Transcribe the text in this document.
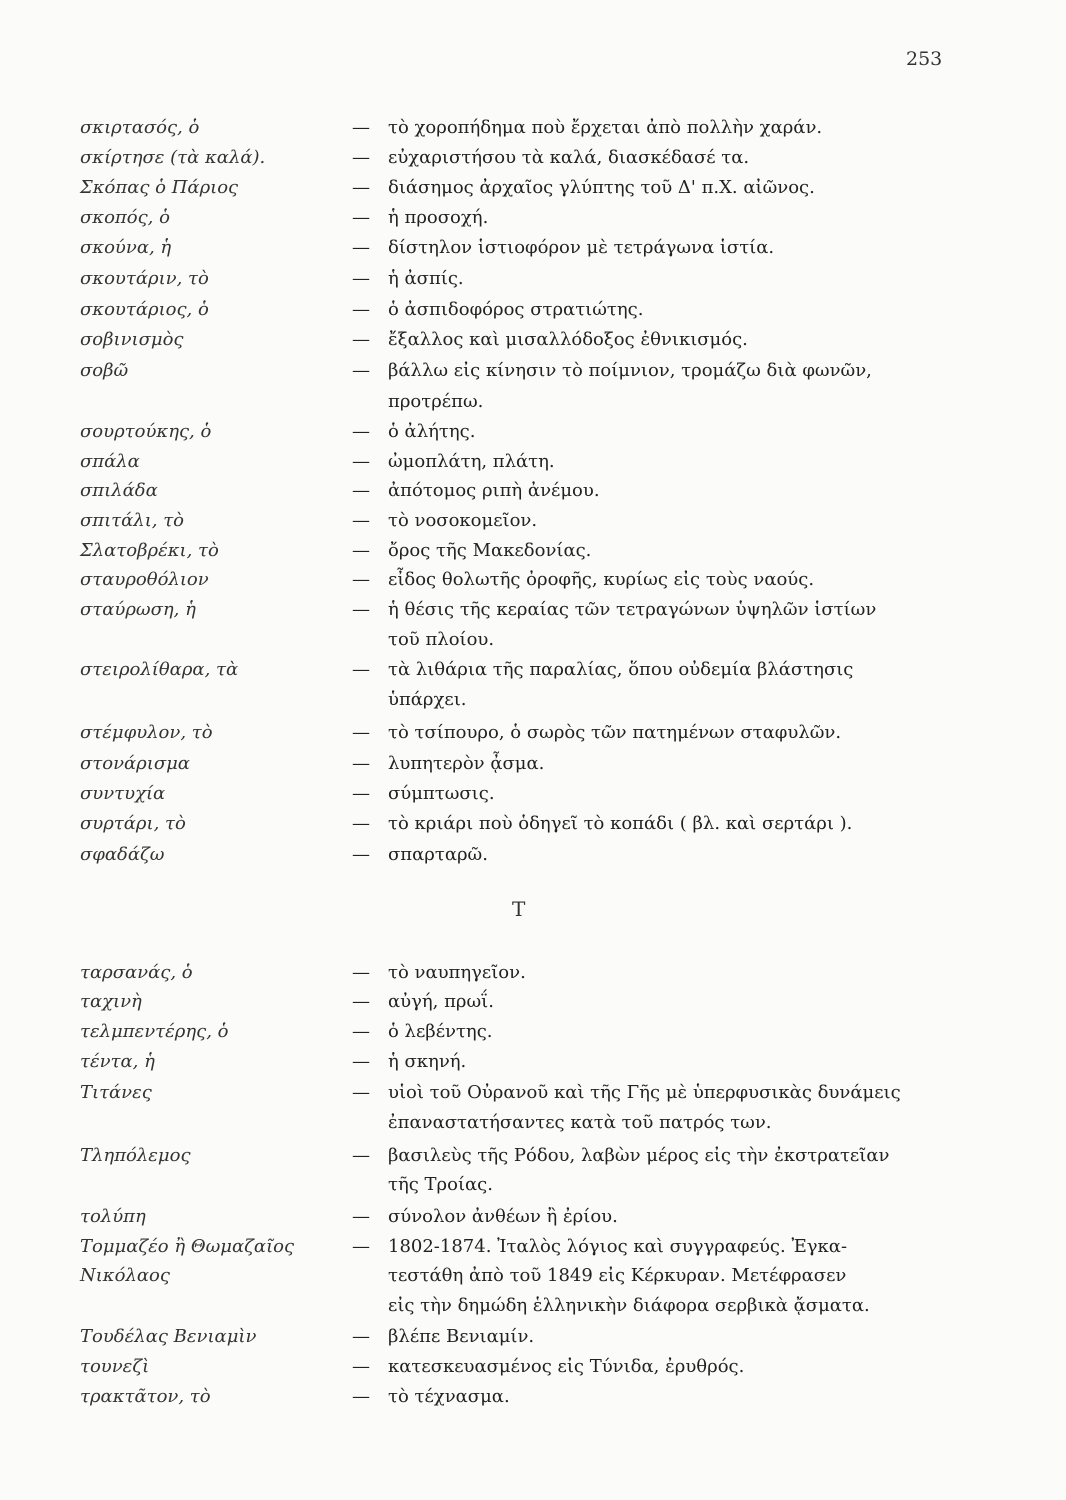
253
σκιρτασός, ὁ	— τὸ χοροπήδημα ποὺ ἔρχεται ἀπὸ πολλὴν χαράν.
σκίρτησε (τὰ καλά).	— εὐχαριστήσου τὰ καλά, διασκέδασέ τα.
Σκόπας ὁ Πάριος	— διάσημος ἀρχαῖος γλύπτης τοῦ Δ' π.Χ. αἰῶνος.
σκοπός, ὁ	— ἡ προσοχή.
σκούνα, ἡ	— δίστηλον ἱστιοφόρον μὲ τετράγωνα ἱστία.
σκουτάριν, τὸ	— ἡ ἀσπίς.
σκουτάριος, ὁ	— ὁ ἀσπιδοφόρος στρατιώτης.
σοβινισμὸς	— ἔξαλλος καὶ μισαλλόδοξος ἐθνικισμός.
σοβῶ	— βάλλω εἰς κίνησιν τὸ ποίμνιον, τρομάζω διὰ φωνῶν,
προτρέπω.
σουρτούκης, ὁ	— ὁ ἀλήτης.
σπάλα	— ὠμοπλάτη, πλάτη.
σπιλάδα	— ἀπότομος ριπὴ ἀνέμου.
σπιτάλι, τὸ	— τὸ νοσοκομεῖον.
Σλατοβρέκι, τὸ	— ὄρος τῆς Μακεδονίας.
σταυροθόλιον	— εἶδος θολωτῆς ὀροφῆς, κυρίως εἰς τοὺς ναούς.
σταύρωση, ἡ	— ἡ θέσις τῆς κεραίας τῶν τετραγώνων ὑψηλῶν ἱστίων
τοῦ πλοίου.
στειρολίθαρα, τὰ	— τὰ λιθάρια τῆς παραλίας, ὅπου οὐδεμία βλάστησις
ὑπάρχει.
στέμφυλον, τὸ	— τὸ τσίπουρο, ὁ σωρὸς τῶν πατημένων σταφυλῶν.
στονάρισμα	— λυπητερὸν ᾆσμα.
συντυχία	— σύμπτωσις.
συρτάρι, τὸ	— τὸ κριάρι ποὺ ὁδηγεῖ τὸ κοπάδι ( βλ. καὶ σερτάρι ).
σφαδάζω	— σπαρταρῶ.
Τ
ταρσανάς, ὁ	— τὸ ναυπηγεῖον.
ταχινὴ	— αὐγή, πρωΐ.
τελμπεντέρης, ὁ	— ὁ λεβέντης.
τέντα, ἡ	— ἡ σκηνή.
Τιτάνες	— υἱοὶ τοῦ Οὐρανοῦ καὶ τῆς Γῆς μὲ ὑπερφυσικὰς δυνάμεις
ἐπαναστατήσαντες κατὰ τοῦ πατρός των.
Τληπόλεμος	— βασιλεὺς τῆς Ρόδου, λαβὼν μέρος εἰς τὴν ἐκστρατεῖαν
τῆς Τροίας.
τολύπη	— σύνολον ἀνθέων ἢ ἐρίου.
Τομμαζέο ἢ Θωμαζαῖος	— 1802-1874. Ἰταλὸς λόγιος καὶ συγγραφεύς. Ἐγκα-
Νικόλαος	τεστάθη ἀπὸ τοῦ 1849 εἰς Κέρκυραν. Μετέφρασεν
εἰς τὴν δημώδη ἑλληνικὴν διάφορα σερβικὰ ᾄσματα.
Τουδέλας Βενιαμὶν	— βλέπε Βενιαμίν.
τουνεζὶ	— κατεσκευασμένος εἰς Τύνιδα, ἐρυθρός.
τρακτᾶτον, τὸ	— τὸ τέχνασμα.
